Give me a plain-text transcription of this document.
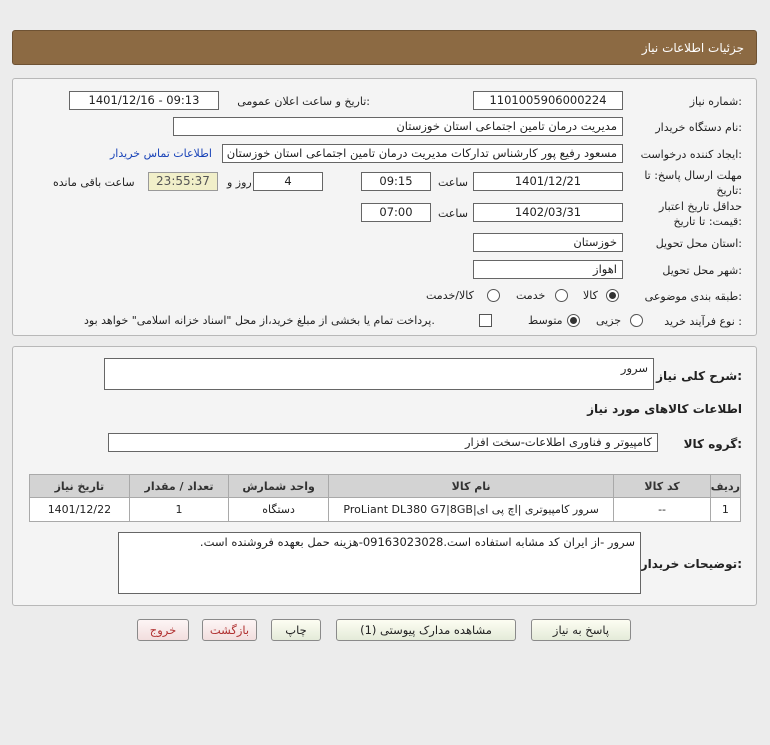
جزئیات اطلاعات نیاز
شماره نیاز:
1101005906000224
تاریخ و ساعت اعلان عمومی:
1401/12/16 - 09:13
نام دستگاه خریدار:
مدیریت درمان تامین اجتماعی استان خوزستان
ایجاد کننده درخواست:
مسعود رفیع پور کارشناس تدارکات مدیریت درمان تامین اجتماعی استان خوزستان
اطلاعات تماس خریدار
مهلت ارسال پاسخ: تا تاریخ:
1401/12/21
ساعت
09:15
4
روز و
23:55:37
ساعت باقی مانده
حداقل تاریخ اعتبار قیمت: تا تاریخ:
1402/03/31
ساعت
07:00
استان محل تحویل:
خوزستان
شهر محل تحویل:
اهواز
طبقه بندی موضوعی:
کالا
خدمت
کالا/خدمت
نوع فرآیند خرید :
جزیی
متوسط
پرداخت تمام یا بخشی از مبلغ خرید،از محل "اسناد خزانه اسلامی" خواهد بود.
شرح کلی نیاز:
سرور
اطلاعات کالاهای مورد نیاز
گروه کالا:
کامپیوتر و فناوری اطلاعات-سخت افزار
ردیف	کد کالا	نام کالا	واحد شمارش	تعداد / مقدار	تاریخ نیاز
1	--	سرور کامپیوتری |اچ پی ای|ProLiant DL380 G7|8GB	دستگاه	1	1401/12/22
توضیحات خریدار:
سرور -از ایران کد مشابه استفاده است.09163023028-هزینه حمل بعهده فروشنده است.
پاسخ به نیاز
مشاهده مدارک پیوستی (1)
چاپ
بازگشت
خروج
